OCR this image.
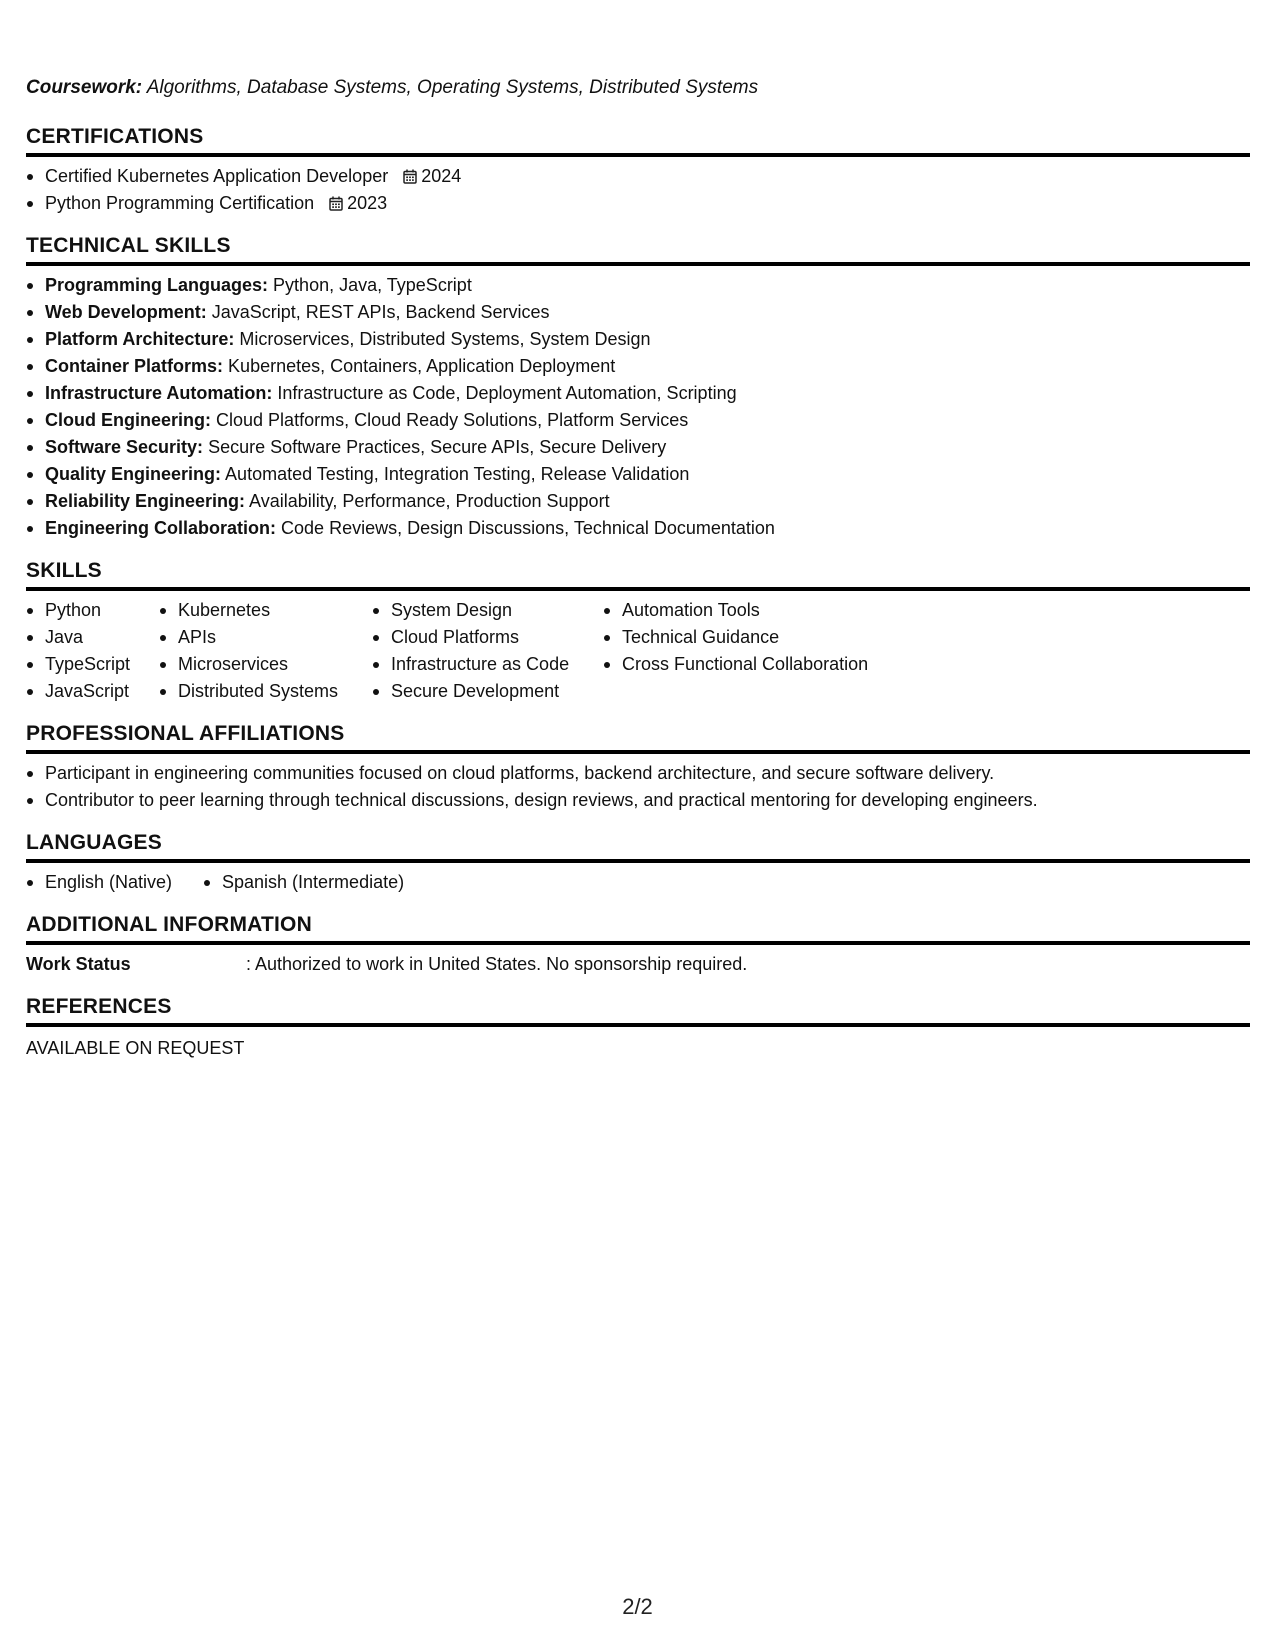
Coursework: Algorithms, Database Systems, Operating Systems, Distributed Systems
CERTIFICATIONS
Certified Kubernetes Application Developer 2024
Python Programming Certification 2023
TECHNICAL SKILLS
Programming Languages: Python, Java, TypeScript
Web Development: JavaScript, REST APIs, Backend Services
Platform Architecture: Microservices, Distributed Systems, System Design
Container Platforms: Kubernetes, Containers, Application Deployment
Infrastructure Automation: Infrastructure as Code, Deployment Automation, Scripting
Cloud Engineering: Cloud Platforms, Cloud Ready Solutions, Platform Services
Software Security: Secure Software Practices, Secure APIs, Secure Delivery
Quality Engineering: Automated Testing, Integration Testing, Release Validation
Reliability Engineering: Availability, Performance, Production Support
Engineering Collaboration: Code Reviews, Design Discussions, Technical Documentation
SKILLS
Python
Java
TypeScript
JavaScript
Kubernetes
APIs
Microservices
Distributed Systems
System Design
Cloud Platforms
Infrastructure as Code
Secure Development
Automation Tools
Technical Guidance
Cross Functional Collaboration
PROFESSIONAL AFFILIATIONS
Participant in engineering communities focused on cloud platforms, backend architecture, and secure software delivery.
Contributor to peer learning through technical discussions, design reviews, and practical mentoring for developing engineers.
LANGUAGES
English (Native)	Spanish (Intermediate)
ADDITIONAL INFORMATION
Work Status	: Authorized to work in United States. No sponsorship required.
REFERENCES
AVAILABLE ON REQUEST
2/2
